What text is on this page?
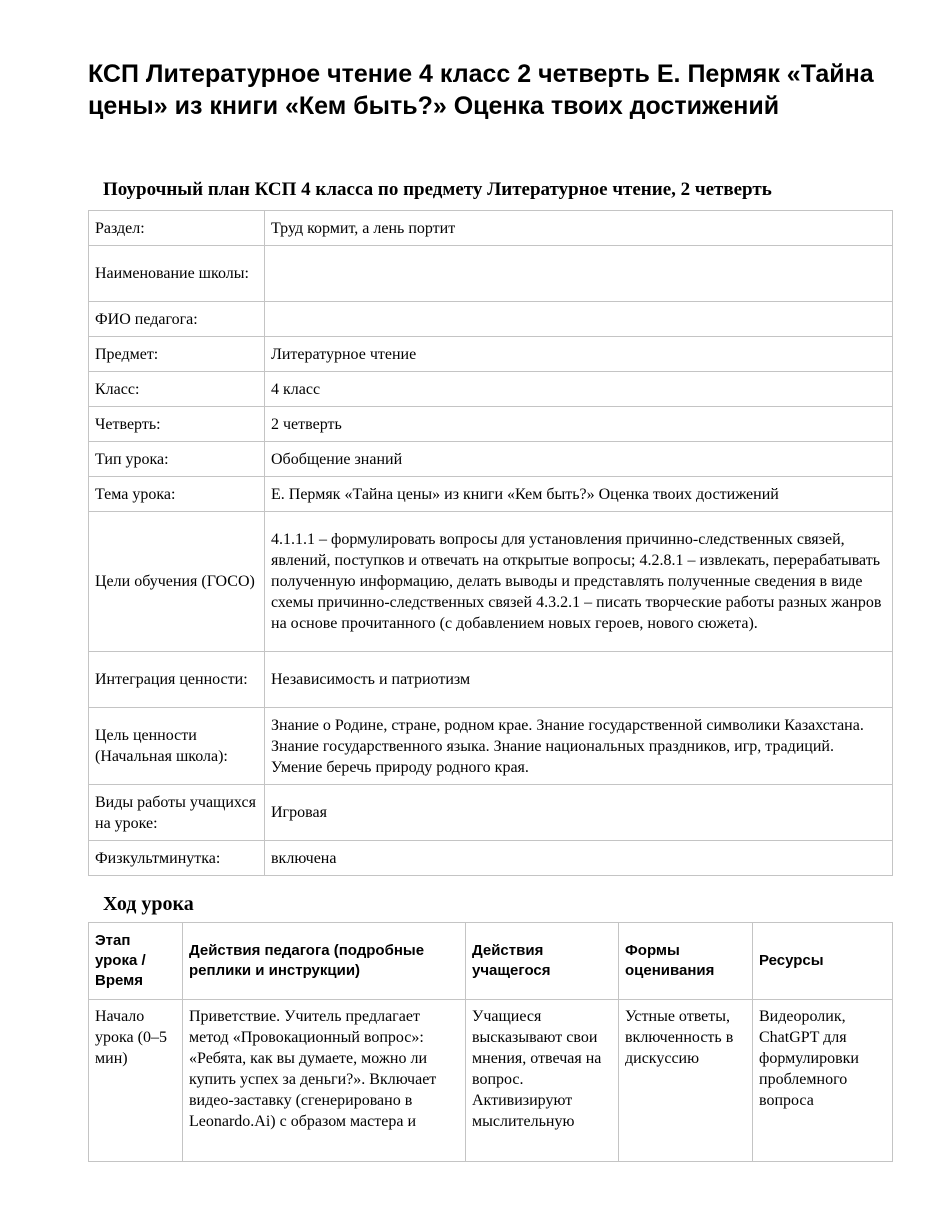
КСП Литературное чтение 4 класс 2 четверть Е. Пермяк «Тайна цены» из книги «Кем быть?» Оценка твоих достижений

Поурочный план КСП 4 класса по предмету Литературное чтение, 2 четверть

Раздел:	Труд кормит, а лень портит
Наименование школы:	
ФИО педагога:	
Предмет:	Литературное чтение
Класс:	4 класс
Четверть:	2 четверть
Тип урока:	Обобщение знаний
Тема урока:	Е. Пермяк «Тайна цены» из книги «Кем быть?» Оценка твоих достижений
Цели обучения (ГОСО)	4.1.1.1 – формулировать вопросы для установления причинно-следственных связей, явлений, поступков и отвечать на открытые вопросы; 4.2.8.1 – извлекать, перерабатывать полученную информацию, делать выводы и представлять полученные сведения в виде схемы причинно-следственных связей 4.3.2.1 – писать творческие работы разных жанров на основе прочитанного (с добавлением новых героев, нового сюжета).
Интеграция ценности:	Независимость и патриотизм
Цель ценности (Начальная школа):	Знание о Родине, стране, родном крае. Знание государственной символики Казахстана. Знание государственного языка. Знание национальных праздников, игр, традиций. Умение беречь природу родного края.
Виды работы учащихся на уроке:	Игровая
Физкультминутка:	включена

Ход урока

Этап урока / Время	Действия педагога (подробные реплики и инструкции)	Действия учащегося	Формы оценивания	Ресурсы
Начало урока (0–5 мин)	Приветствие. Учитель предлагает метод «Провокационный вопрос»: «Ребята, как вы думаете, можно ли купить успех за деньги?». Включает видео-заставку (сгенерировано в Leonardo.Ai) с образом мастера и	Учащиеся высказывают свои мнения, отвечая на вопрос. Активизируют мыслительную	Устные ответы, включенность в дискуссию	Видеоролик, ChatGPT для формулировки проблемного вопроса
